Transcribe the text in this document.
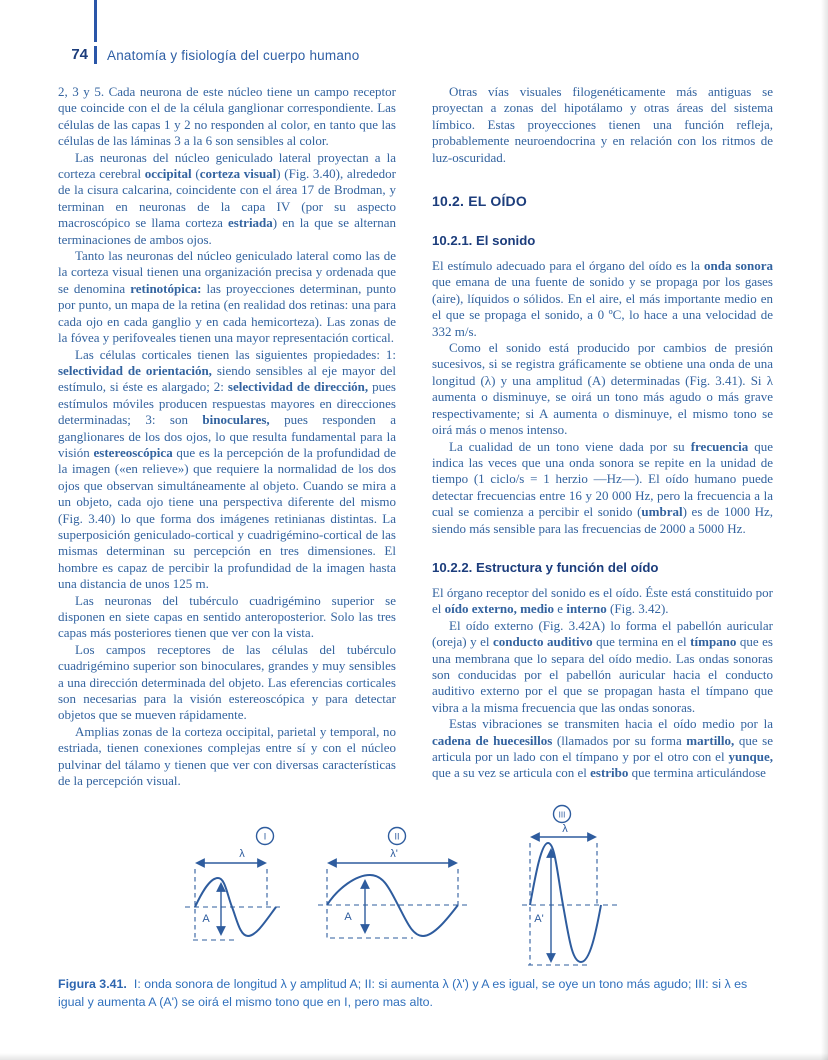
74 Anatomía y fisiología del cuerpo humano

2, 3 y 5. Cada neurona de este núcleo tiene un campo receptor que coincide con el de la célula ganglionar correspondiente. Las células de las capas 1 y 2 no responden al color, en tanto que las células de las láminas 3 a la 6 son sensibles al color.

Las neuronas del núcleo geniculado lateral proyectan a la corteza cerebral occipital (corteza visual) (Fig. 3.40), alrededor de la cisura calcarina, coincidente con el área 17 de Brodman, y terminan en neuronas de la capa IV (por su aspecto macroscópico se llama corteza estriada) en la que se alternan terminaciones de ambos ojos.

Tanto las neuronas del núcleo geniculado lateral como las de la corteza visual tienen una organización precisa y ordenada que se denomina retinotópica: las proyecciones determinan, punto por punto, un mapa de la retina (en realidad dos retinas: una para cada ojo en cada ganglio y en cada hemicorteza). Las zonas de la fóvea y perifoveales tienen una mayor representación cortical.

Las células corticales tienen las siguientes propiedades: 1: selectividad de orientación, siendo sensibles al eje mayor del estímulo, si éste es alargado; 2: selectividad de dirección, pues estímulos móviles producen respuestas mayores en direcciones determinadas; 3: son binoculares, pues responden a ganglionares de los dos ojos, lo que resulta fundamental para la visión estereoscópica que es la percepción de la profundidad de la imagen («en relieve») que requiere la normalidad de los dos ojos que observan simultáneamente al objeto. Cuando se mira a un objeto, cada ojo tiene una perspectiva diferente del mismo (Fig. 3.40) lo que forma dos imágenes retinianas distintas. La superposición geniculado-cortical y cuadrigémino-cortical de las mismas determinan su percepción en tres dimensiones. El hombre es capaz de percibir la profundidad de la imagen hasta una distancia de unos 125 m.

Las neuronas del tubérculo cuadrigémino superior se disponen en siete capas en sentido anteroposterior. Solo las tres capas más posteriores tienen que ver con la vista.

Los campos receptores de las células del tubérculo cuadrigémino superior son binoculares, grandes y muy sensibles a una dirección determinada del objeto. Las eferencias corticales son necesarias para la visión estereoscópica y para detectar objetos que se mueven rápidamente.

Amplias zonas de la corteza occipital, parietal y temporal, no estriada, tienen conexiones complejas entre sí y con el núcleo pulvinar del tálamo y tienen que ver con diversas características de la percepción visual.

Otras vías visuales filogenéticamente más antiguas se proyectan a zonas del hipotálamo y otras áreas del sistema límbico. Estas proyecciones tienen una función refleja, probablemente neuroendocrina y en relación con los ritmos de luz-oscuridad.

10.2. EL OÍDO
10.2.1. El sonido

El estímulo adecuado para el órgano del oído es la onda sonora que emana de una fuente de sonido y se propaga por los gases (aire), líquidos o sólidos. En el aire, el más importante medio en el que se propaga el sonido, a 0 ºC, lo hace a una velocidad de 332 m/s.

Como el sonido está producido por cambios de presión sucesivos, si se registra gráficamente se obtiene una onda de una longitud (λ) y una amplitud (A) determinadas (Fig. 3.41). Si λ aumenta o disminuye, se oirá un tono más agudo o más grave respectivamente; si A aumenta o disminuye, el mismo tono se oirá más o menos intenso.

La cualidad de un tono viene dada por su frecuencia que indica las veces que una onda sonora se repite en la unidad de tiempo (1 ciclo/s = 1 herzio —Hz—). El oído humano puede detectar frecuencias entre 16 y 20 000 Hz, pero la frecuencia a la cual se comienza a percibir el sonido (umbral) es de 1000 Hz, siendo más sensible para las frecuencias de 2000 a 5000 Hz.

10.2.2. Estructura y función del oído

El órgano receptor del sonido es el oído. Éste está constituido por el oído externo, medio e interno (Fig. 3.42).

El oído externo (Fig. 3.42A) lo forma el pabellón auricular (oreja) y el conducto auditivo que termina en el tímpano que es una membrana que lo separa del oído medio. Las ondas sonoras son conducidas por el pabellón auricular hacia el conducto auditivo externo por el que se propagan hasta el tímpano que vibra a la misma frecuencia que las ondas sonoras.

Estas vibraciones se transmiten hacia el oído medio por la cadena de huecesillos (llamados por su forma martillo, que se articula por un lado con el tímpano y por el otro con el yunque, que a su vez se articula con el estribo que termina articulándose

I
λ
A
II
λ'
A
III
λ
A'

Figura 3.41. I: onda sonora de longitud λ y amplitud A; II: si aumenta λ (λ') y A es igual, se oye un tono más agudo; III: si λ es igual y aumenta A (A') se oirá el mismo tono que en I, pero mas alto.
